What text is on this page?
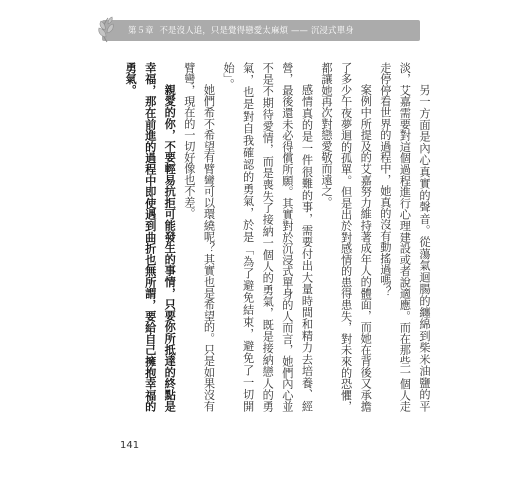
第５章 不是沒人追，只是覺得戀愛太麻煩 —— 沉浸式單身

另一方面是內心真實的聲音。從蕩氣迴腸的纏綿到柴米油鹽的平淡，艾嘉需要對這個過程進行心理建設或者說適應。而在那些一個人走走停停看世界的過程中，她真的沒有動搖過嗎？

案例中所提及的艾嘉努力維持著成年人的體面，而她在背後又承擔了多少午夜夢迴的孤單。但是出於對感情的患得患失，對未來的恐懼，都讓她再次對戀愛敬而遠之。

感情真的是一件很難的事，需要付出大量時間和精力去培養、經營，最後還未必得償所願。其實對於沉浸式單身的人而言，她們內心並不是不期待愛情，而是喪失了接納一個人的勇氣，既是接納戀人的勇氣，也是對自我確認的勇氣，於是「為了避免結束，避免了一切開始」。

她們希不希望有臂彎可以環繞呢？其實也是希望的。只是如果沒有臂彎，現在的一切好像也不差。

親愛的你，不要輕易抗拒可能發生的事情，只要你所抵達的終點是幸福，那在前進的過程中即使遇到曲折也無所謂，要給自己擁抱幸福的勇氣。

141
